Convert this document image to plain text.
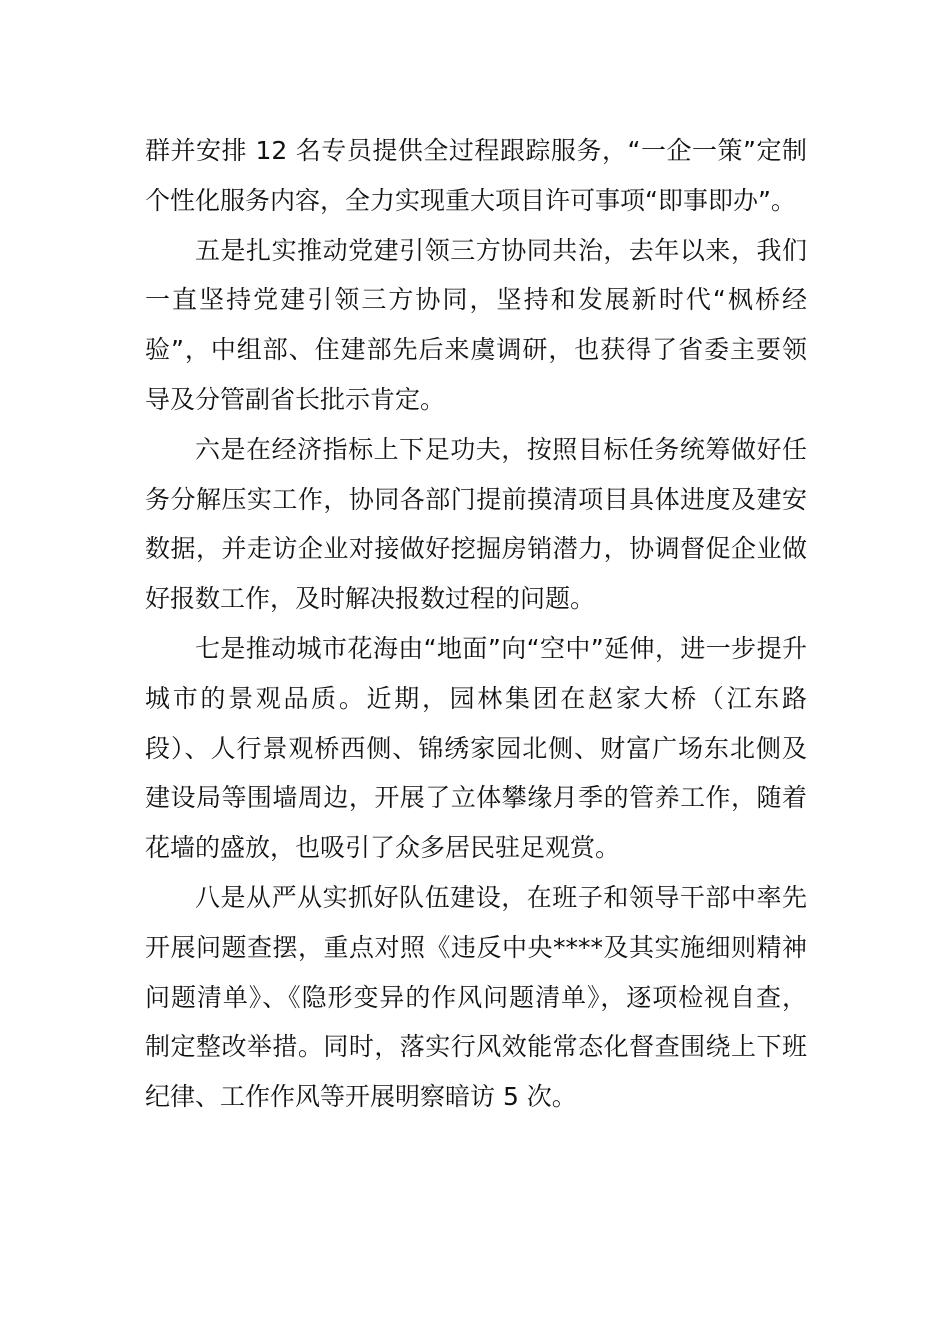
群并安排 12 名专员提供全过程跟踪服务，“一企一策”定制个性化服务内容，全力实现重大项目许可事项“即事即办”。

五是扎实推动党建引领三方协同共治，去年以来，我们一直坚持党建引领三方协同，坚持和发展新时代“枫桥经验”，中组部、住建部先后来虞调研，也获得了省委主要领导及分管副省长批示肯定。

六是在经济指标上下足功夫，按照目标任务统筹做好任务分解压实工作，协同各部门提前摸清项目具体进度及建安数据，并走访企业对接做好挖掘房销潜力，协调督促企业做好报数工作，及时解决报数过程的问题。

七是推动城市花海由“地面”向“空中”延伸，进一步提升城市的景观品质。近期，园林集团在赵家大桥（江东路段）、人行景观桥西侧、锦绣家园北侧、财富广场东北侧及建设局等围墙周边，开展了立体攀缘月季的管养工作，随着花墙的盛放，也吸引了众多居民驻足观赏。

八是从严从实抓好队伍建设，在班子和领导干部中率先开展问题查摆，重点对照《违反中央****及其实施细则精神问题清单》、《隐形变异的作风问题清单》，逐项检视自查，制定整改举措。同时，落实行风效能常态化督查围绕上下班纪律、工作作风等开展明察暗访 5 次。
